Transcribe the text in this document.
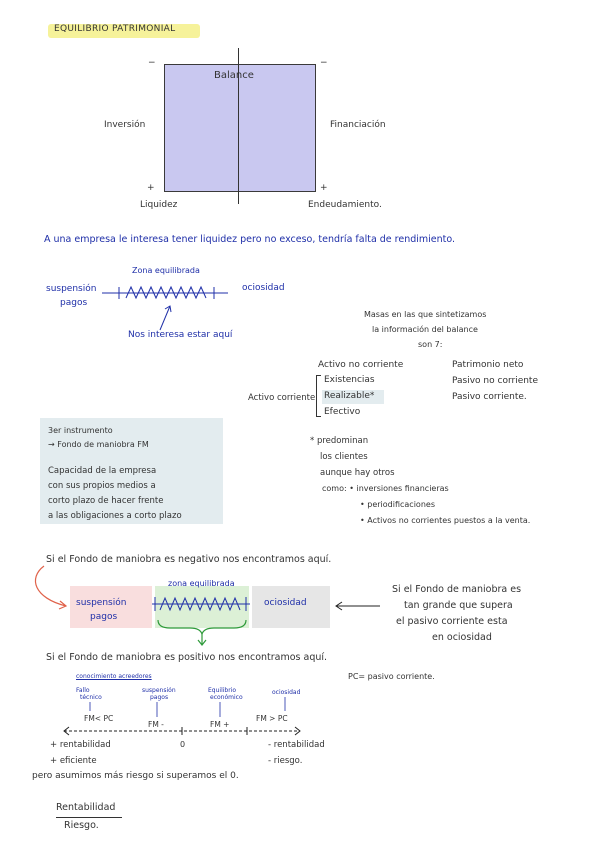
EQUILIBRIO PATRIMONIAL
Balance
Inversión	Financiación
−	−
+	+
Liquidez	Endeudamiento.
A una empresa le interesa tener liquidez pero no exceso, tendría falta de rendimiento.
suspensión
pagos
Zona equilibrada
ociosidad
Nos interesa estar aquí
Masas en las que sintetizamos
la información del balance
son 7:
Activo no corriente
Activo corriente
Existencias
Realizable*
Efectivo
Patrimonio neto
Pasivo no corriente
Pasivo corriente.
3er instrumento
→ Fondo de maniobra FM
Capacidad de la empresa
con sus propios medios a
corto plazo de hacer frente
a las obligaciones a corto plazo
* predominan
los clientes
aunque hay otros
como: • inversiones financieras
• periodificaciones
• Activos no corrientes puestos a la venta.
Si el Fondo de maniobra es negativo nos encontramos aquí.
suspensión
pagos
zona equilibrada
ociosidad
Si el Fondo de maniobra es
tan grande que supera
el pasivo corriente esta
en ociosidad
Si el Fondo de maniobra es positivo nos encontramos aquí.
PC= pasivo corriente.
conocimiento acreedores
Fallo
técnico
FM< PC
suspensión
pagos
FM -
Equilibrio
económico
FM +
ociosidad
FM > PC
0
+ rentabilidad
+ eficiente
- rentabilidad
- riesgo.
pero asumimos más riesgo si superamos el 0.
Rentabilidad
Riesgo.
